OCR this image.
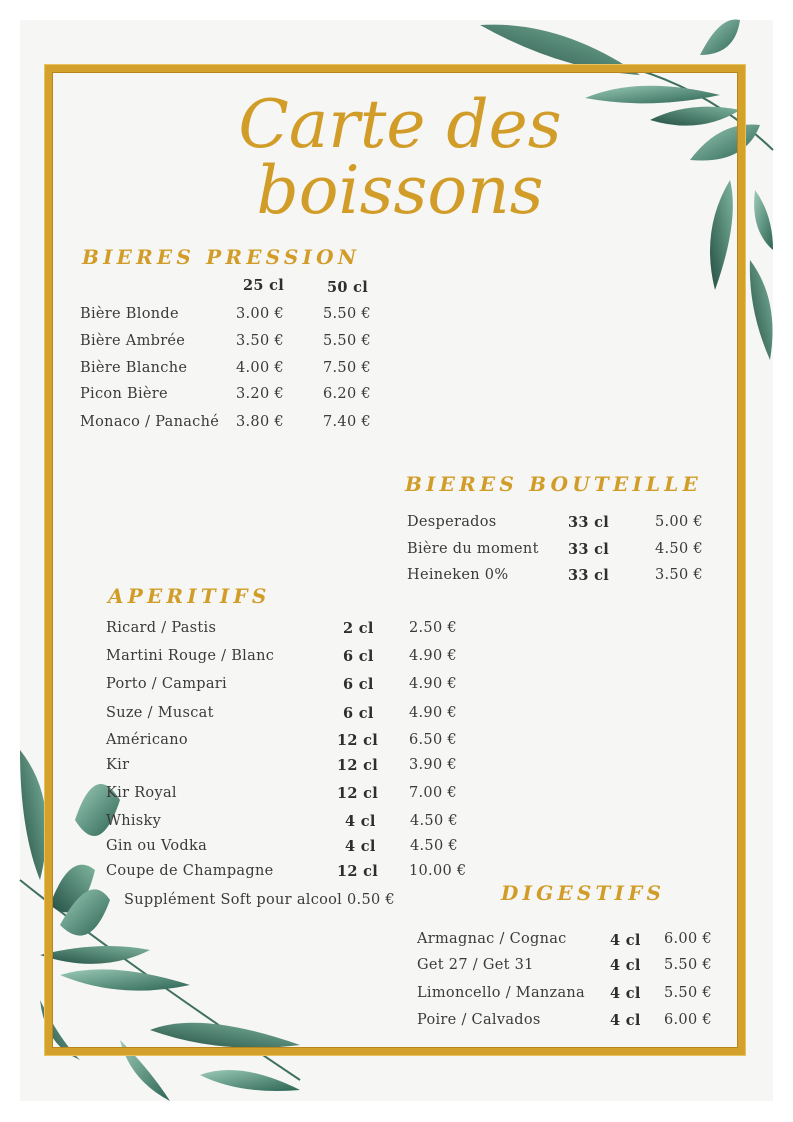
Carte des
boissons
BIERES PRESSION
25 cl	50 cl
Bière Blonde	3.00 €	5.50 €
Bière Ambrée	3.50 €	5.50 €
Bière Blanche	4.00 €	7.50 €
Picon Bière	3.20 €	6.20 €
Monaco / Panaché 3.80 €	7.40 €
BIERES BOUTEILLE
Desperados	33 cl	5.00 €
Bière du moment 33 cl	4.50 €
Heineken 0%	33 cl	3.50 €
APERITIFS
Ricard / Pastis	2 cl 2.50 €
Martini Rouge / Blanc	6 cl 4.90 €
Porto / Campari	6 cl 4.90 €
Suze / Muscat	6 cl 4.90 €
Américano	12 cl 6.50 €
Kir	12 cl 3.90 €
Kir Royal	12 cl 7.00 €
Whisky	4 cl 4.50 €
Gin ou Vodka	4 cl 4.50 €
Coupe de Champagne	12 cl 10.00 €
Supplément Soft pour alcool 0.50 €	DIGESTIFS
Armagnac / Cognac	4 cl 6.00 €
Get 27 / Get 31	4 cl 5.50 €
Limoncello / Manzana 4 cl 5.50 €
Poire / Calvados	4 cl 6.00 €
